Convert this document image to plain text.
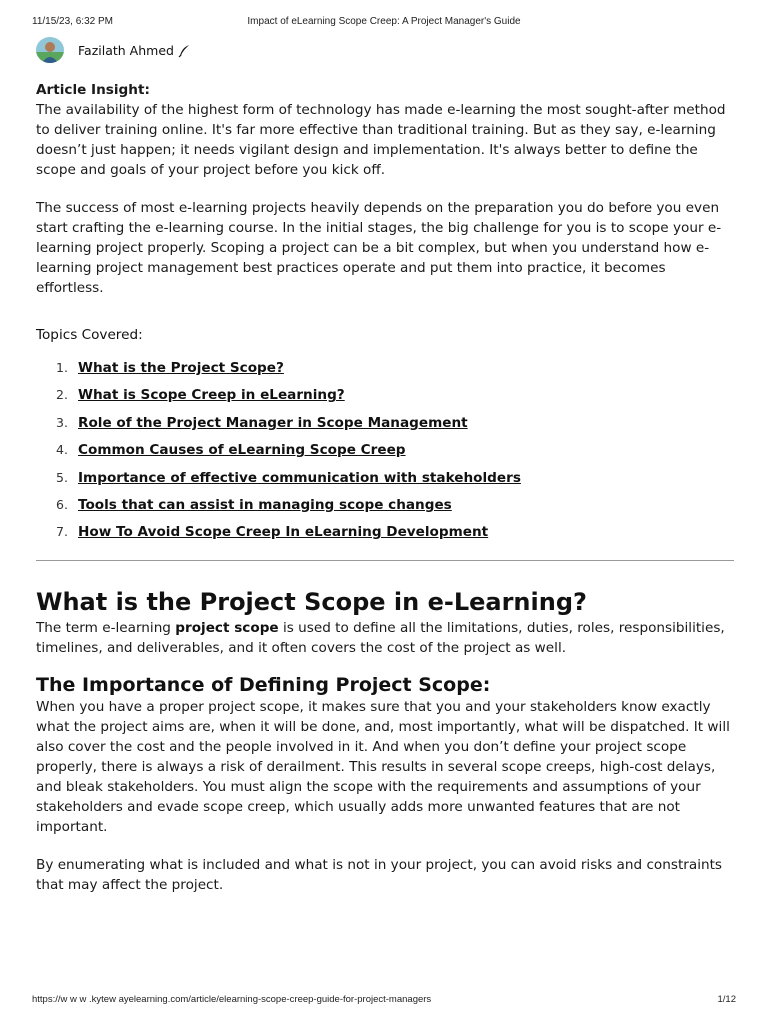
11/15/23, 6:32 PM	Impact of eLearning Scope Creep: A Project Manager's Guide
Fazilath Ahmed

Article Insight:

The availability of the highest form of technology has made e-learning the most sought-after method to deliver training online. It's far more effective than traditional training. But as they say, e-learning doesn’t just happen; it needs vigilant design and implementation. It's always better to define the scope and goals of your project before you kick off.

The success of most e-learning projects heavily depends on the preparation you do before you even start crafting the e-learning course. In the initial stages, the big challenge for you is to scope your e-learning project properly. Scoping a project can be a bit complex, but when you understand how e-learning project management best practices operate and put them into practice, it becomes effortless.

Topics Covered:

1. What is the Project Scope?
2. What is Scope Creep in eLearning?
3. Role of the Project Manager in Scope Management
4. Common Causes of eLearning Scope Creep
5. Importance of effective communication with stakeholders
6. Tools that can assist in managing scope changes
7. How To Avoid Scope Creep In eLearning Development
What is the Project Scope in e-Learning?

The term e-learning project scope is used to define all the limitations, duties, roles, responsibilities, timelines, and deliverables, and it often covers the cost of the project as well.

The Importance of Defining Project Scope:

When you have a proper project scope, it makes sure that you and your stakeholders know exactly what the project aims are, when it will be done, and, most importantly, what will be dispatched. It will also cover the cost and the people involved in it. And when you don’t define your project scope properly, there is always a risk of derailment. This results in several scope creeps, high-cost delays, and bleak stakeholders. You must align the scope with the requirements and assumptions of your stakeholders and evade scope creep, which usually adds more unwanted features that are not important.

By enumerating what is included and what is not in your project, you can avoid risks and constraints that may affect the project.

https://w w w .kytew ayelearning.com/article/elearning-scope-creep-guide-for-project-managers	1/12
